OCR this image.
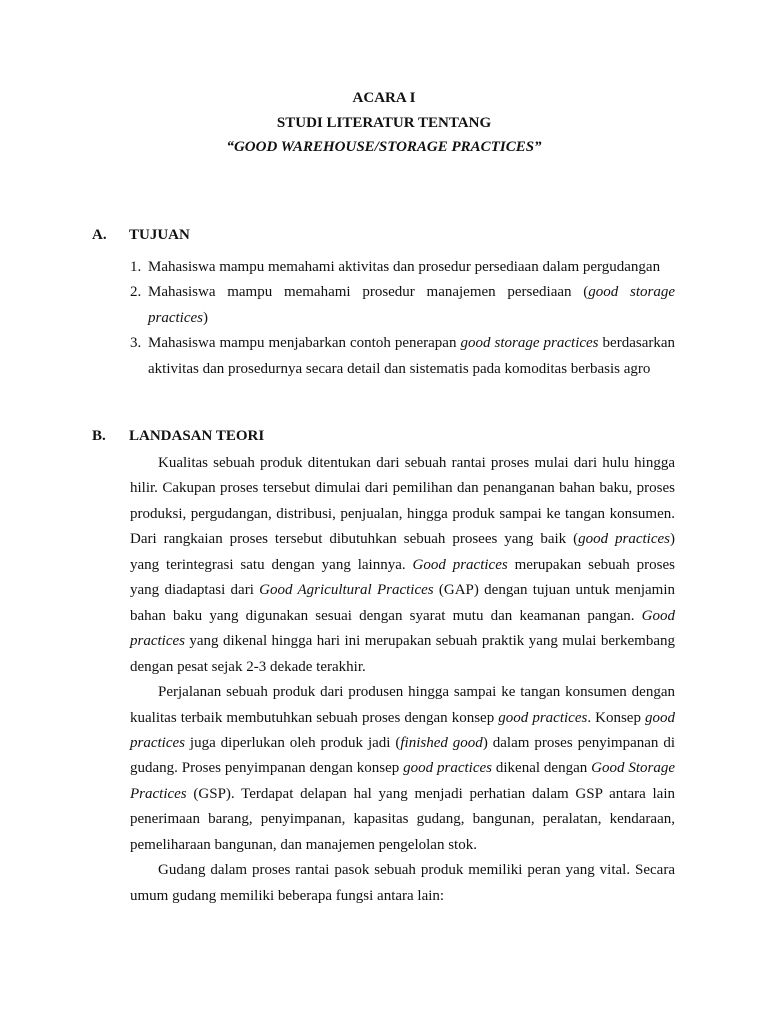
ACARA I
STUDI LITERATUR TENTANG
“GOOD WAREHOUSE/STORAGE PRACTICES”
A. TUJUAN
1. Mahasiswa mampu memahami aktivitas dan prosedur persediaan dalam pergudangan
2. Mahasiswa mampu memahami prosedur manajemen persediaan (good storage practices)
3. Mahasiswa mampu menjabarkan contoh penerapan good storage practices berdasarkan aktivitas dan prosedurnya secara detail dan sistematis pada komoditas berbasis agro
B. LANDASAN TEORI

Kualitas sebuah produk ditentukan dari sebuah rantai proses mulai dari hulu hingga hilir. Cakupan proses tersebut dimulai dari pemilihan dan penanganan bahan baku, proses produksi, pergudangan, distribusi, penjualan, hingga produk sampai ke tangan konsumen. Dari rangkaian proses tersebut dibutuhkan sebuah prosees yang baik (good practices) yang terintegrasi satu dengan yang lainnya. Good practices merupakan sebuah proses yang diadaptasi dari Good Agricultural Practices (GAP) dengan tujuan untuk menjamin bahan baku yang digunakan sesuai dengan syarat mutu dan keamanan pangan. Good practices yang dikenal hingga hari ini merupakan sebuah praktik yang mulai berkembang dengan pesat sejak 2-3 dekade terakhir.

Perjalanan sebuah produk dari produsen hingga sampai ke tangan konsumen dengan kualitas terbaik membutuhkan sebuah proses dengan konsep good practices. Konsep good practices juga diperlukan oleh produk jadi (finished good) dalam proses penyimpanan di gudang. Proses penyimpanan dengan konsep good practices dikenal dengan Good Storage Practices (GSP). Terdapat delapan hal yang menjadi perhatian dalam GSP antara lain penerimaan barang, penyimpanan, kapasitas gudang, bangunan, peralatan, kendaraan, pemeliharaan bangunan, dan manajemen pengelolan stok.

Gudang dalam proses rantai pasok sebuah produk memiliki peran yang vital. Secara umum gudang memiliki beberapa fungsi antara lain:
